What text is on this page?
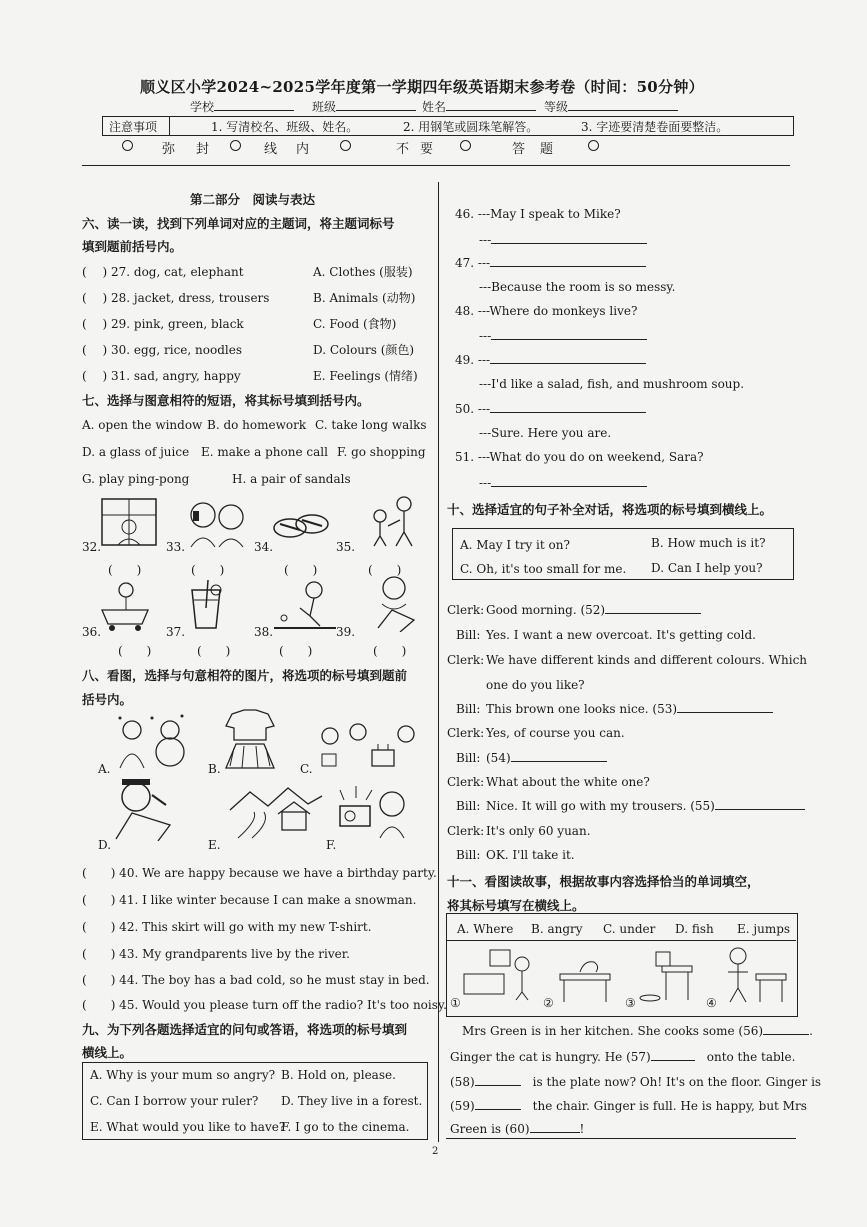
顺义区小学2024~2025学年度第一学期四年级英语期末参考卷（时间：50分钟）
学校	班级	姓名	等级
注意事项	1. 写清校名、班级、姓名。	2. 用钢笔或圆珠笔解答。	3. 字迹要清楚卷面要整洁。
弥 封	线 内	不 要	答 题
第二部分　阅读与表达
六、读一读，找到下列单词对应的主题词，将主题词标号
填到题前括号内。
(　 ) 27. dog, cat, elephant	A. Clothes (服装)
(　 ) 28. jacket, dress, trousers	B. Animals (动物)
(　 ) 29. pink, green, black	C. Food (食物)
(　 ) 30. egg, rice, noodles	D. Colours (颜色)
(　 ) 31. sad, angry, happy	E. Feelings (情绪)
七、选择与图意相符的短语，将其标号填到括号内。
A. open the window B. do homework C. take long walks
D. a glass of juice E. make a phone call F. go shopping
G. play ping-pong	H. a pair of sandals
32.	33.	34.	35.
(　　)	(　　)	(　　)	(　　)
36.	37.	38.	39.
(　　)	(　　)	(　　)	(　　)
八、看图，选择与句意相符的图片，将选项的标号填到题前
括号内。
A.	B.	C.
D.	E.	F.
(　　) 40. We are happy because we have a birthday party.
(　　) 41. I like winter because I can make a snowman.
(　　) 42. This skirt will go with my new T-shirt.
(　　) 43. My grandparents live by the river.
(　　) 44. The boy has a bad cold, so he must stay in bed.
(　　) 45. Would you please turn off the radio? It's too noisy.
九、为下列各题选择适宜的问句或答语，将选项的标号填到
横线上。
A. Why is your mum so angry? B. Hold on, please.
C. Can I borrow your ruler? D. They live in a forest.
E. What would you like to have?
F. I go to the cinema.
46. ---May I speak to Mike?
---
47. ---
---Because the room is so messy.
48. ---Where do monkeys live?
---
49. ---
---I'd like a salad, fish, and mushroom soup.
50. ---
---Sure. Here you are.
51. ---What do you do on weekend, Sara?
---
十、选择适宜的句子补全对话，将选项的标号填到横线上。
A. May I try it on?	B. How much is it?
C. Oh, it's too small for me. D. Can I help you?
Clerk: Good morning. (52)
Bill: Yes. I want a new overcoat. It's getting cold.
Clerk: We have different kinds and different colours. Which
one do you like?
Bill: This brown one looks nice. (53)
Clerk: Yes, of course you can.
Bill: (54)
Clerk: What about the white one?
Bill: Nice. It will go with my trousers. (55)
Clerk: It's only 60 yuan.
Bill: OK. I'll take it.
十一、看图读故事，根据故事内容选择恰当的单词填空，
将其标号填写在横线上。
A. Where B. angry C. under D. fish E. jumps
①	②	③	④
Mrs Green is in her kitchen. She cooks some (56)	.
Ginger the cat is hungry. He (57)　	onto the table.
(58)　	is the plate now? Oh! It's on the floor. Ginger is
(59)　	the chair. Ginger is full. He is happy, but Mrs
Green is (60)	!
2
